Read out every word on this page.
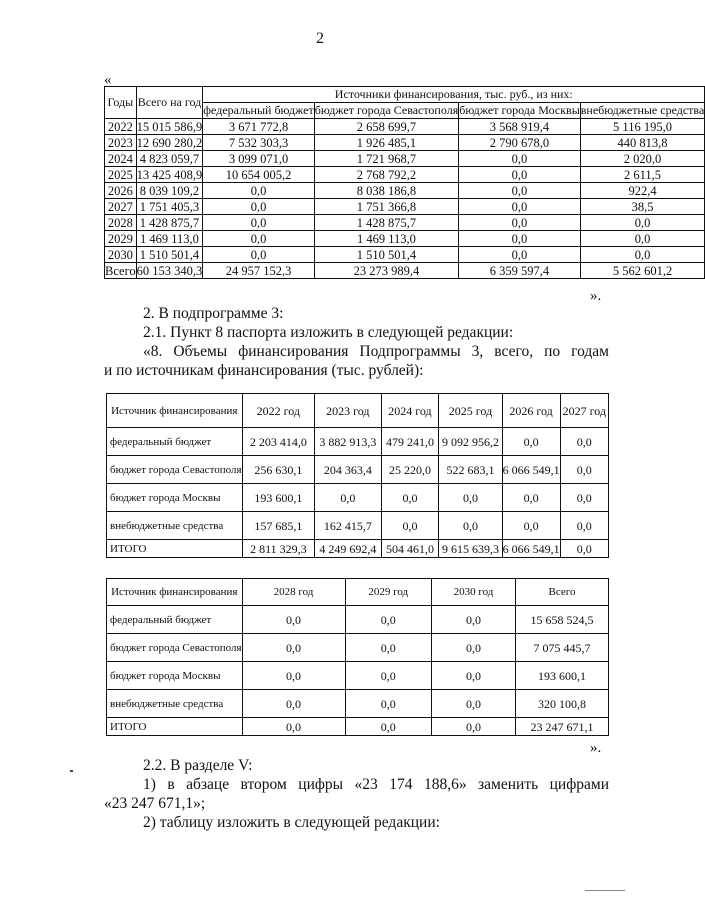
2
«
Годы	Всего на год	Источники финансирования, тыс. руб., из них:			
		федеральный бюджет	бюджет города Севастополя	бюджет города Москвы	внебюджетные средства
2022	15 015 586,9	3 671 772,8	2 658 699,7	3 568 919,4	5 116 195,0
2023	12 690 280,2	7 532 303,3	1 926 485,1	2 790 678,0	440 813,8
2024	4 823 059,7	3 099 071,0	1 721 968,7	0,0	2 020,0
2025	13 425 408,9	10 654 005,2	2 768 792,2	0,0	2 611,5
2026	8 039 109,2	0,0	8 038 186,8	0,0	922,4
2027	1 751 405,3	0,0	1 751 366,8	0,0	38,5
2028	1 428 875,7	0,0	1 428 875,7	0,0	0,0
2029	1 469 113,0	0,0	1 469 113,0	0,0	0,0
2030	1 510 501,4	0,0	1 510 501,4	0,0	0,0
Всего	60 153 340,3	24 957 152,3	23 273 989,4	6 359 597,4	5 562 601,2
».
2. В подпрограмме 3:
2.1. Пункт 8 паспорта изложить в следующей редакции:
«8. Объемы финансирования Подпрограммы 3, всего, по годам
и по источникам финансирования (тыс. рублей):
Источник финансирования	2022 год	2023 год	2024 год	2025 год	2026 год	2027 год
федеральный бюджет	2 203 414,0	3 882 913,3	479 241,0	9 092 956,2	0,0	0,0
бюджет города Севастополя	256 630,1	204 363,4	25 220,0	522 683,1	6 066 549,1	0,0
бюджет города Москвы	193 600,1	0,0	0,0	0,0	0,0	0,0
внебюджетные средства	157 685,1	162 415,7	0,0	0,0	0,0	0,0
ИТОГО	2 811 329,3	4 249 692,4	504 461,0	9 615 639,3	6 066 549,1	0,0
Источник финансирования	2028 год	2029 год	2030 год	Всего
федеральный бюджет	0,0	0,0	0,0	15 658 524,5
бюджет города Севастополя	0,0	0,0	0,0	7 075 445,7
бюджет города Москвы	0,0	0,0	0,0	193 600,1
внебюджетные средства	0,0	0,0	0,0	320 100,8
ИТОГО	0,0	0,0	0,0	23 247 671,1
».
2.2. В разделе V:
1) в абзаце втором цифры «23 174 188,6» заменить цифрами
«23 247 671,1»;
2) таблицу изложить в следующей редакции:
